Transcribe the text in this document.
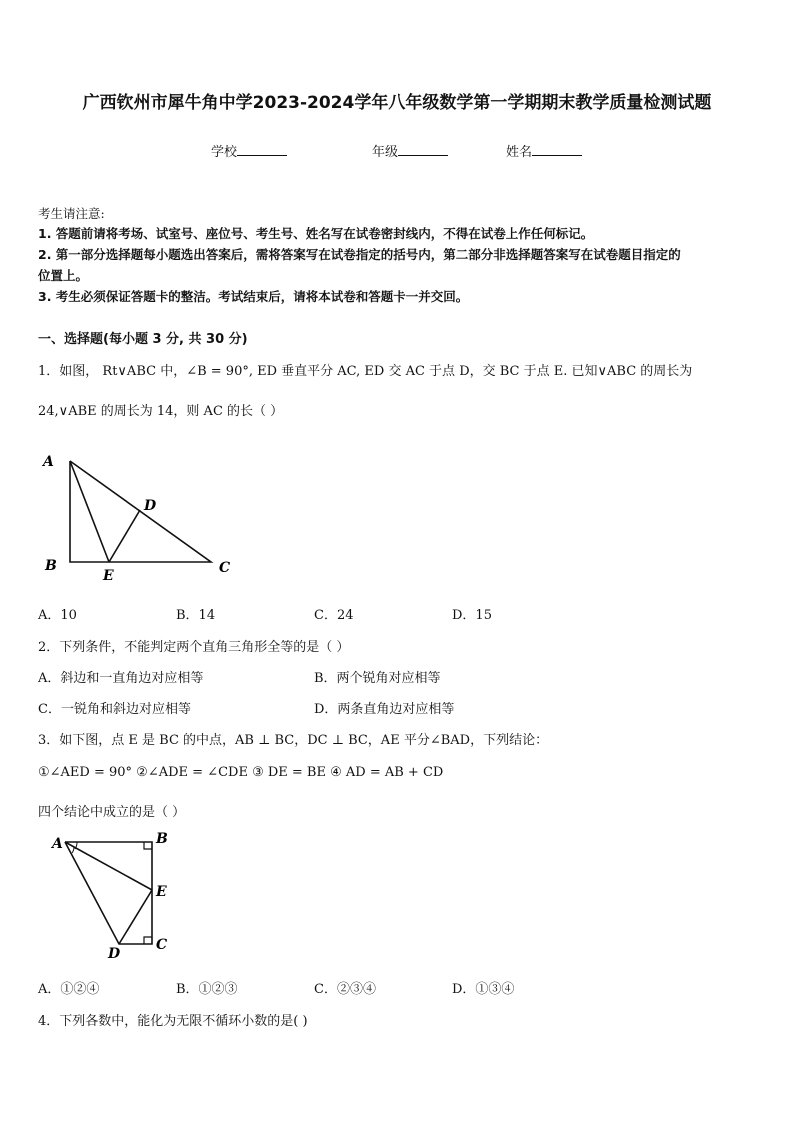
广西钦州市犀牛角中学2023-2024学年八年级数学第一学期期末教学质量检测试题
学校	年级	姓名
考生请注意:
1. 答题前请将考场、试室号、座位号、考生号、姓名写在试卷密封线内，不得在试卷上作任何标记。
2. 第一部分选择题每小题选出答案后，需将答案写在试卷指定的括号内，第二部分非选择题答案写在试卷题目指定的
位置上。
3. 考生必须保证答题卡的整洁。考试结束后，请将本试卷和答题卡一并交回。
一、选择题(每小题 3 分, 共 30 分)
1．如图， Rt∨ABC 中，∠B = 90°, ED 垂直平分 AC, ED 交 AC 于点 D，交 BC 于点 E. 已知∨ABC 的周长为
24,∨ABE 的周长为 14，则 AC 的长（ ）
A
B	C
D
E
A．10	B．14	C．24	D．15
2．下列条件，不能判定两个直角三角形全等的是（ ）
A．斜边和一直角边对应相等	B．两个锐角对应相等
C．一锐角和斜边对应相等	D．两条直角边对应相等
3．如下图，点 E 是 BC 的中点，AB ⊥ BC，DC ⊥ BC，AE 平分∠BAD，下列结论：
①∠AED = 90° ②∠ADE = ∠CDE ③ DE = BE ④ AD = AB + CD
四个结论中成立的是（ ）
A	B
C
D
E
A．①②④	B．①②③	C．②③④	D．①③④
4．下列各数中，能化为无限不循环小数的是( )
